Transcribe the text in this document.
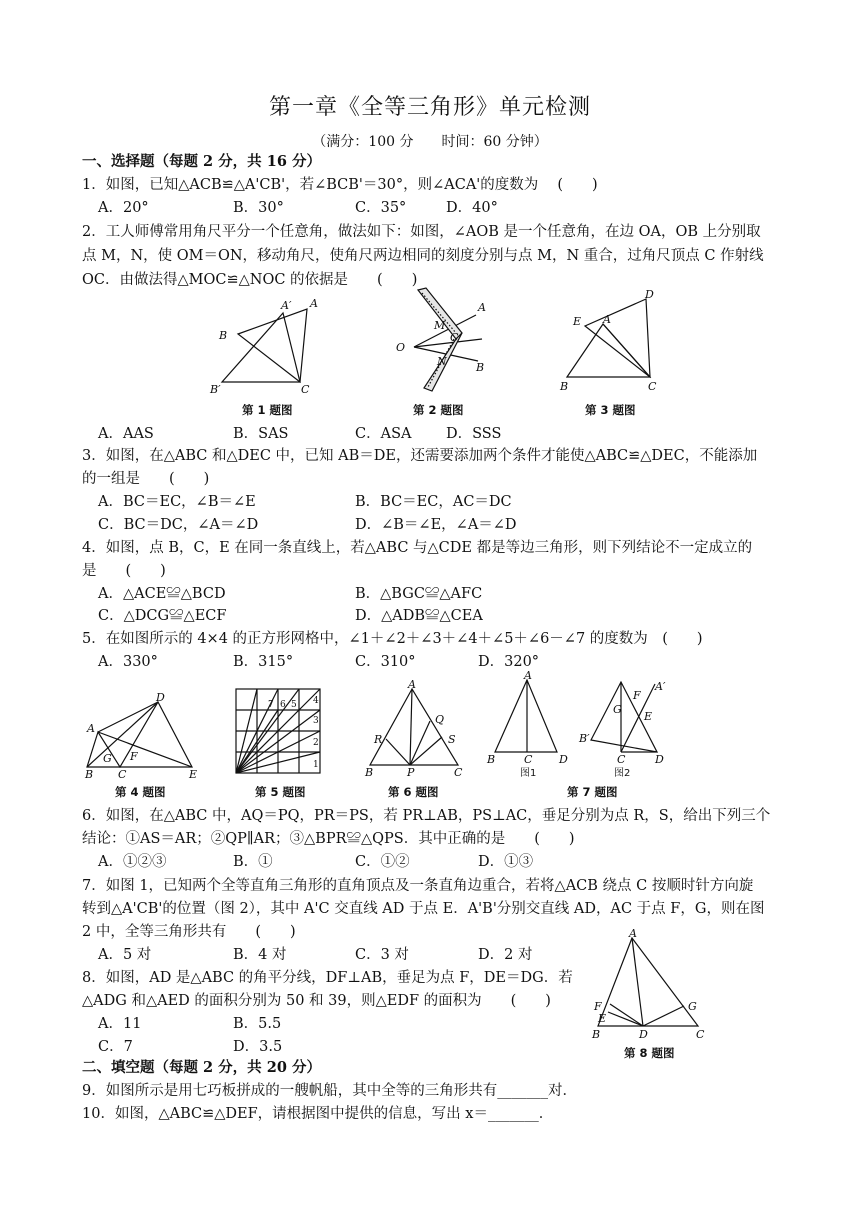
第一章《全等三角形》单元检测
（满分：100 分　　时间：60 分钟）
一、选择题（每题 2 分，共 16 分）
1．如图，已知△ACB≌△A'CB'，若∠BCB'＝30°，则∠ACA'的度数为　 (　　)
A．20°	B．30°	C．35°	D．40°
2．工人师傅常用角尺平分一个任意角，做法如下：如图，∠AOB 是一个任意角，在边 OA，OB 上分别取
点 M，N，使 OM＝ON，移动角尺，使角尺两边相同的刻度分别与点 M，N 重合，过角尺顶点 C 作射线
OC．由做法得△MOC≌△NOC 的依据是　　(　　)
A
A′
B
B′	C
A
O
M
C
N	B
D
E A
B	C
第 1 题图	第 2 题图	第 3 题图
A．AAS	B．SAS	C．ASA D．SSS
3．如图，在△ABC 和△DEC 中，已知 AB＝DE，还需要添加两个条件才能使△ABC≌△DEC，不能添加
的一组是　　(　　)
A．BC＝EC，∠B＝∠E	B．BC＝EC，AC＝DC
C．BC＝DC，∠A＝∠D	D．∠B＝∠E，∠A＝∠D
4．如图，点 B，C，E 在同一条直线上，若△ABC 与△CDE 都是等边三角形，则下列结论不一定成立的
是　　(　　)
A．△ACE≌△BCD	B．△BGC≌△AFC
C．△DCG≌△ECF	D．△ADB≌△CEA
5．在如图所示的 4×4 的正方形网格中，∠1＋∠2＋∠3＋∠4＋∠5＋∠6－∠7 的度数为　(　　)
A．330°	B．315°	C．310°	D．320°
D
A
B
G
C
F
E
6 5 4
3
2
1
7
A
R
Q
S
B	P	C
A
B	C D
F
A′
G
E
B′
C	D
图1	图2
第 4 题图	第 5 题图	第 6 题图	第 7 题图
6．如图，在△ABC 中，AQ＝PQ，PR＝PS，若 PR⊥AB，PS⊥AC，垂足分别为点 R，S，给出下列三个
结论：①AS＝AR；②QP∥AR；③△BPR≌△QPS．其中正确的是　　(　　)
A．①②③	B．①	C．①②	D．①③
7．如图 1，已知两个全等直角三角形的直角顶点及一条直角边重合，若将△ACB 绕点 C 按顺时针方向旋
转到△A'CB'的位置（图 2），其中 A'C 交直线 AD 于点 E．A'B'分别交直线 AD，AC 于点 F，G，则在图
2 中，全等三角形共有　　(　　)
A．5 对	B．4 对	C．3 对	D．2 对
8．如图，AD 是△ABC 的角平分线，DF⊥AB，垂足为点 F，DE＝DG．若
△ADG 和△AED 的面积分别为 50 和 39，则△EDF 的面积为　　(　　)
A．11	B．5.5
C．7	D．3.5
A
F
E
G
B	D	C
第 8 题图
二、填空题（每题 2 分，共 20 分）
9．如图所示是用七巧板拼成的一艘帆船，其中全等的三角形共有_______对．
10．如图，△ABC≌△DEF，请根据图中提供的信息，写出 x＝_______．
